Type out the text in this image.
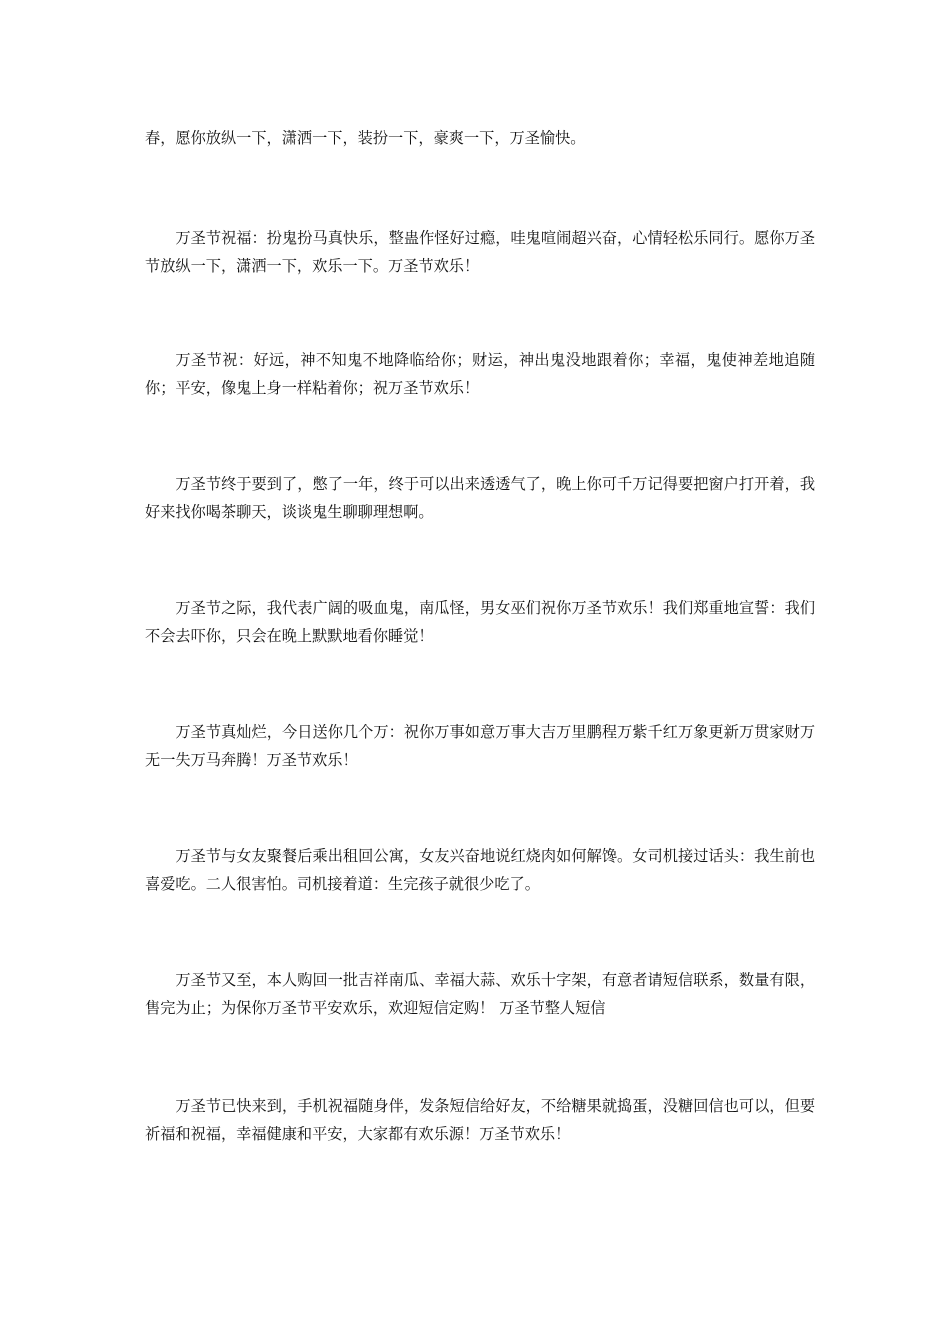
春，愿你放纵一下，潇洒一下，装扮一下，豪爽一下，万圣愉快。

万圣节祝福：扮鬼扮马真快乐，整蛊作怪好过瘾，哇鬼喧闹超兴奋，心情轻松乐同行。愿你万圣节放纵一下，潇洒一下，欢乐一下。万圣节欢乐！

万圣节祝：好远，神不知鬼不地降临给你；财运，神出鬼没地跟着你；幸福，鬼使神差地追随你；平安，像鬼上身一样粘着你；祝万圣节欢乐！

万圣节终于要到了，憋了一年，终于可以出来透透气了，晚上你可千万记得要把窗户打开着，我好来找你喝茶聊天，谈谈鬼生聊聊理想啊。

万圣节之际，我代表广阔的吸血鬼，南瓜怪，男女巫们祝你万圣节欢乐！我们郑重地宣誓：我们不会去吓你，只会在晚上默默地看你睡觉！

万圣节真灿烂，今日送你几个万：祝你万事如意万事大吉万里鹏程万紫千红万象更新万贯家财万无一失万马奔腾！万圣节欢乐！

万圣节与女友聚餐后乘出租回公寓，女友兴奋地说红烧肉如何解馋。女司机接过话头：我生前也喜爱吃。二人很害怕。司机接着道：生完孩子就很少吃了。

万圣节又至，本人购回一批吉祥南瓜、幸福大蒜、欢乐十字架，有意者请短信联系，数量有限，售完为止；为保你万圣节平安欢乐，欢迎短信定购！ 万圣节整人短信

万圣节已快来到，手机祝福随身伴，发条短信给好友，不给糖果就捣蛋，没糖回信也可以，但要祈福和祝福，幸福健康和平安，大家都有欢乐源！万圣节欢乐！
